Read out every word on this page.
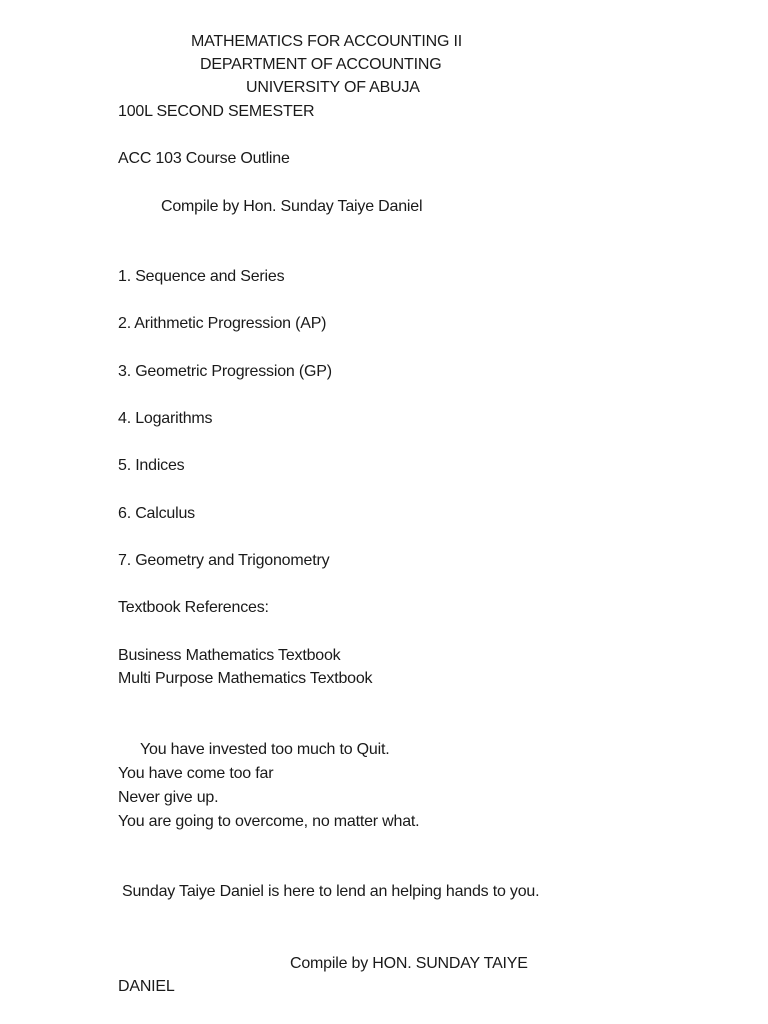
MATHEMATICS FOR ACCOUNTING II

DEPARTMENT OF ACCOUNTING

UNIVERSITY OF ABUJA

100L SECOND SEMESTER

ACC 103 Course Outline

Compile by Hon. Sunday Taiye Daniel

1. Sequence and Series

2. Arithmetic Progression (AP)

3. Geometric Progression (GP)

4. Logarithms

5. Indices

6. Calculus

7. Geometry and Trigonometry

Textbook References:

Business Mathematics Textbook

Multi Purpose Mathematics Textbook

You have invested too much to Quit.

You have come too far

Never give up.

You are going to overcome, no matter what.

Sunday Taiye Daniel is here to lend an helping hands to you.

Compile by HON. SUNDAY TAIYE

DANIEL
